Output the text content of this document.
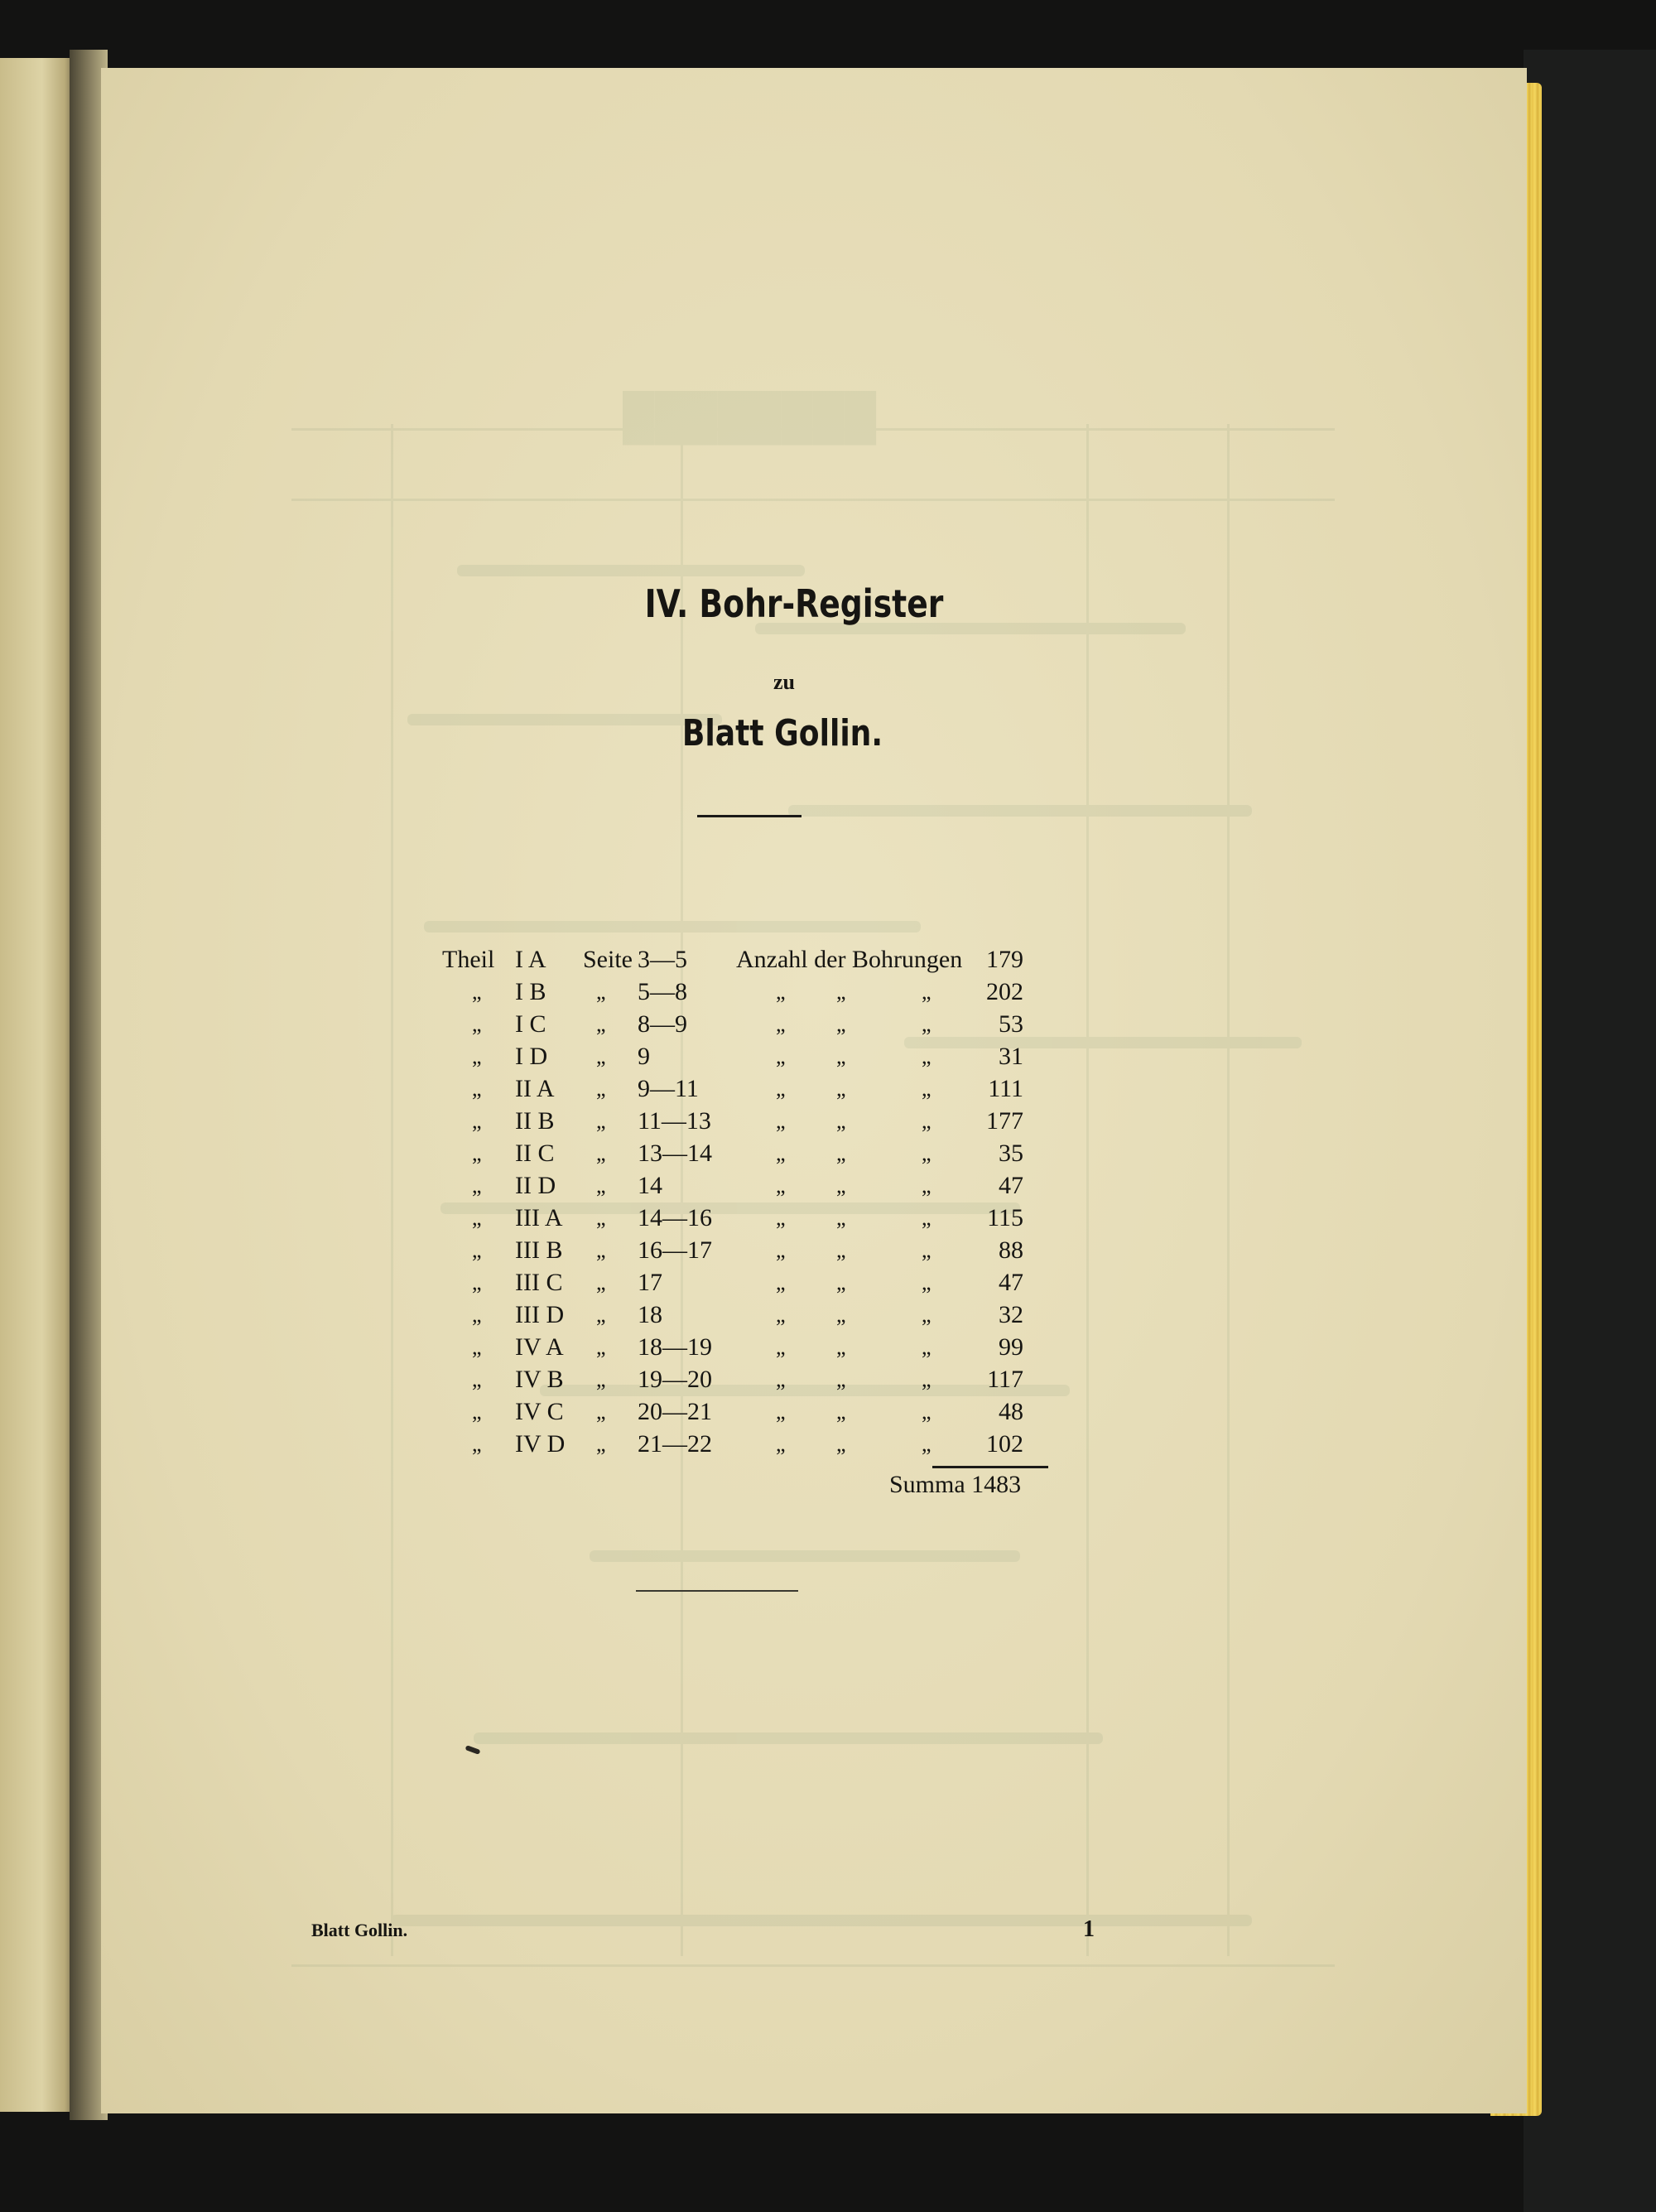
████████
IV. Bohr-Register
zu
Blatt Gollin.
Theil I A Seite 3—5 Anzahl der Bohrungen 179
„ I B „ 5—8	„ „	„	202
„ I C „ 8—9	„ „	„	53
„ I D „ 9	„ „	„	31
„ II A „ 9—11	„ „	„	111
„ II B „ 11—13	„ „	„	177
„ II C „ 13—14	„ „	„	35
„ II D „ 14	„ „	„	47
„ III A „ 14—16	„ „	„	115
„ III B „ 16—17	„ „	„	88
„ III C „ 17	„ „	„	47
„ III D „ 18	„ „	„	32
„ IV A „ 18—19	„ „	„	99
„ IV B „ 19—20	„ „	„	117
„ IV C „ 20—21	„ „	„	48
„ IV D „ 21—22	„ „	„	102
Summa 1483
Blatt Gollin.	1
